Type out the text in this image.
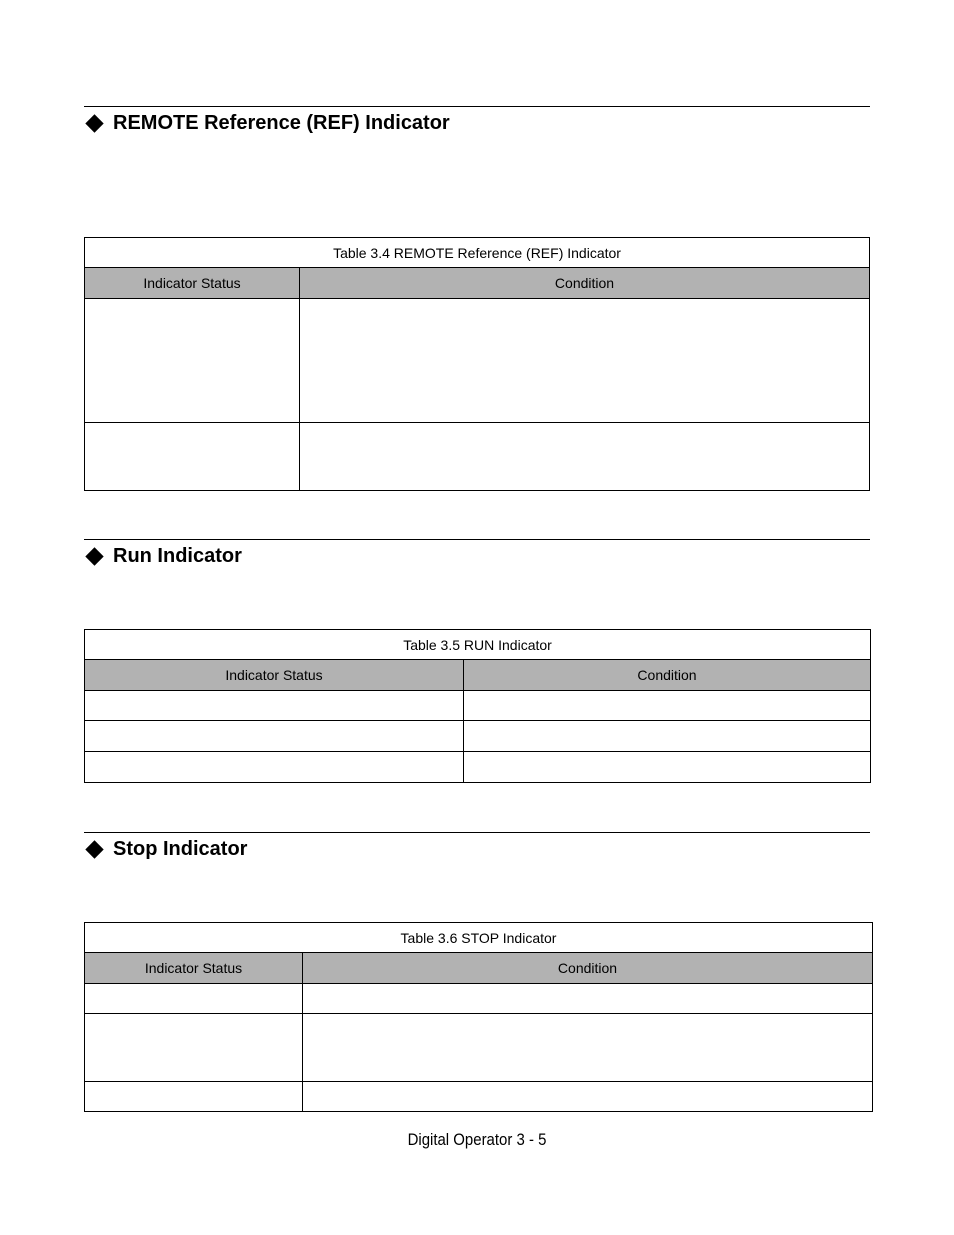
REMOTE Reference (REF) Indicator
Table 3.4 REMOTE Reference (REF) Indicator	
Indicator Status	Condition

Run Indicator
Table 3.5 RUN Indicator	
Indicator Status	Condition

Stop Indicator
Table 3.6 STOP Indicator	
Indicator Status	Condition

Digital Operator 3 - 5
